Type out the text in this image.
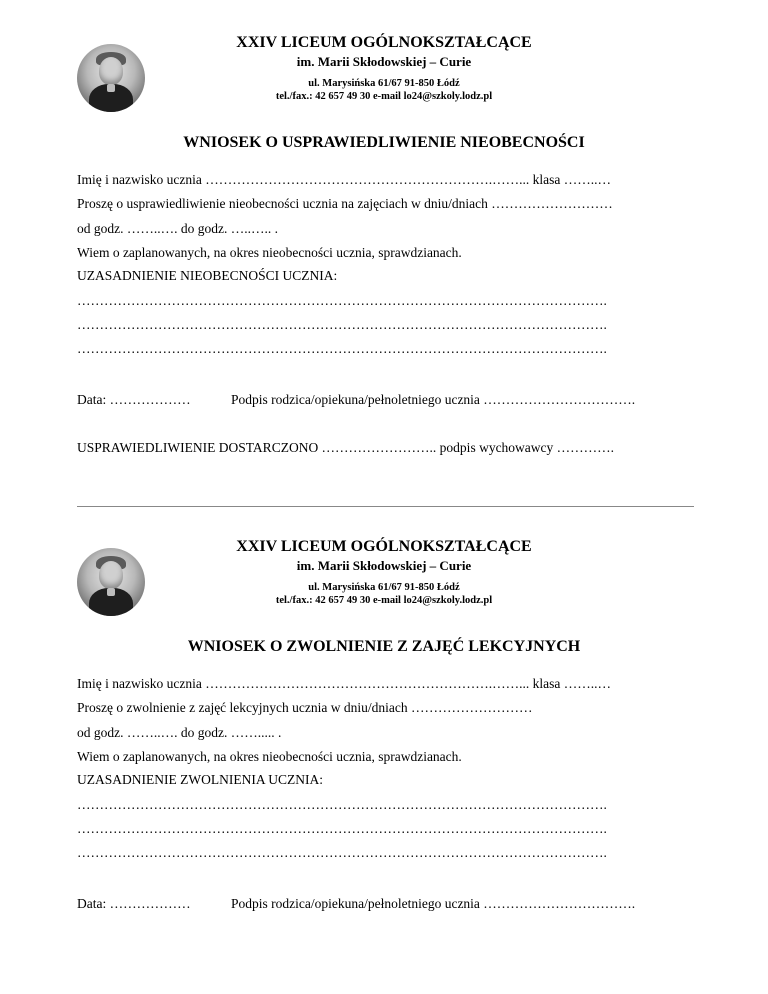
XXIV LICEUM OGÓLNOKSZTAŁCĄCE
im. Marii Skłodowskiej – Curie
ul. Marysińska 61/67 91-850 Łódź
tel./fax.: 42 657 49 30 e-mail lo24@szkoly.lodz.pl
WNIOSEK O USPRAWIEDLIWIENIE NIEOBECNOŚCI
Imię i nazwisko ucznia ……………………………………………………….……... klasa ……..…
Proszę o usprawiedliwienie nieobecności ucznia na zajęciach w dniu/dniach ………………………
od godz. ……..…. do godz. …..….. .
Wiem o zaplanowanych, na okres nieobecności ucznia, sprawdzianach.
UZASADNIENIE NIEOBECNOŚCI UCZNIA:
……………………………………………………………………………………………………….
……………………………………………………………………………………………………….
……………………………………………………………………………………………………….
Data: ………………	Podpis rodzica/opiekuna/pełnoletniego ucznia …………………………….
USPRAWIEDLIWIENIE DOSTARCZONO …………………….. podpis wychowawcy ………….
XXIV LICEUM OGÓLNOKSZTAŁCĄCE
im. Marii Skłodowskiej – Curie
ul. Marysińska 61/67 91-850 Łódź
tel./fax.: 42 657 49 30 e-mail lo24@szkoly.lodz.pl
WNIOSEK O ZWOLNIENIE Z ZAJĘĆ LEKCYJNYCH
Imię i nazwisko ucznia ……………………………………………………….……... klasa ……..…
Proszę o zwolnienie z zajęć lekcyjnych ucznia w dniu/dniach ………………………
od godz. ……..…. do godz. ……..... .
Wiem o zaplanowanych, na okres nieobecności ucznia, sprawdzianach.
UZASADNIENIE ZWOLNIENIA UCZNIA:
……………………………………………………………………………………………………….
……………………………………………………………………………………………………….
……………………………………………………………………………………………………….
Data: ………………	Podpis rodzica/opiekuna/pełnoletniego ucznia …………………………….
